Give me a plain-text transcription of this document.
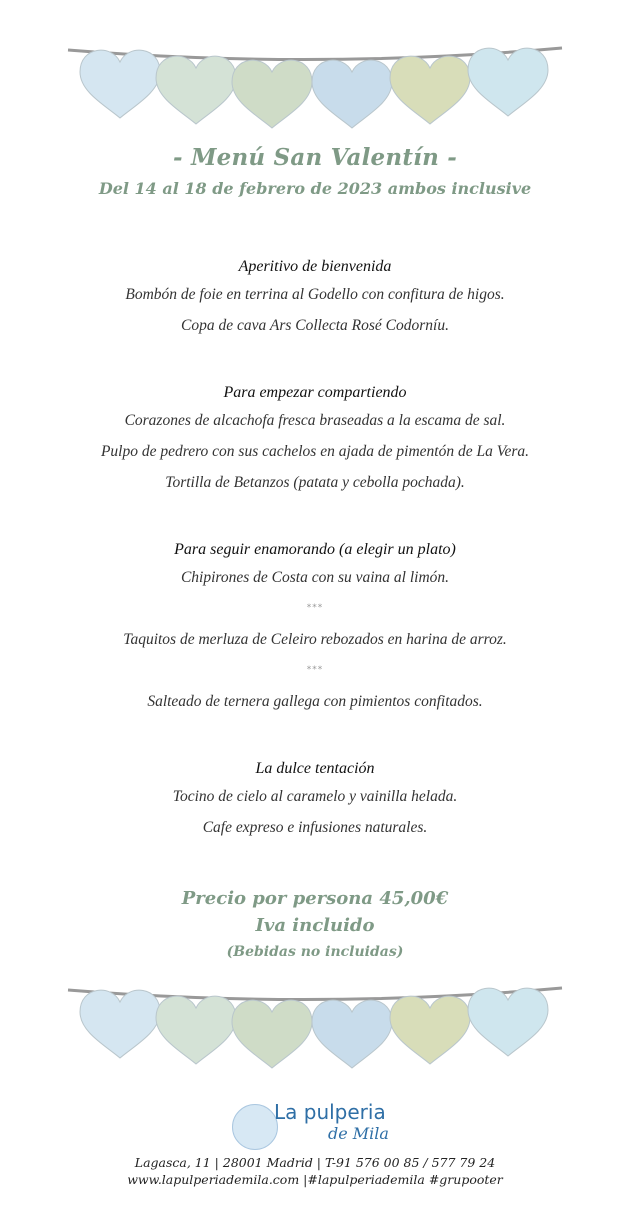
- Menú San Valentín -
Del 14 al 18 de febrero de 2023 ambos inclusive
Aperitivo de bienvenida
Bombón de foie en terrina al Godello con confitura de higos.
Copa de cava Ars Collecta Rosé Codorníu.
Para empezar compartiendo
Corazones de alcachofa fresca braseadas a la escama de sal.
Pulpo de pedrero con sus cachelos en ajada de pimentón de La Vera.
Tortilla de Betanzos (patata y cebolla pochada).
Para seguir enamorando (a elegir un plato)
Chipirones de Costa con su vaina al limón.
***
Taquitos de merluza de Celeiro rebozados en harina de arroz.
***
Salteado de ternera gallega con pimientos confitados.
La dulce tentación
Tocino de cielo al caramelo y vainilla helada.
Cafe expreso e infusiones naturales.
Precio por persona 45,00€
Iva incluido
(Bebidas no incluidas)
La pulperia
de Mila
Lagasca, 11 | 28001 Madrid | T-91 576 00 85 / 577 79 24
www.lapulperiademila.com |#lapulperiademila #grupooter
